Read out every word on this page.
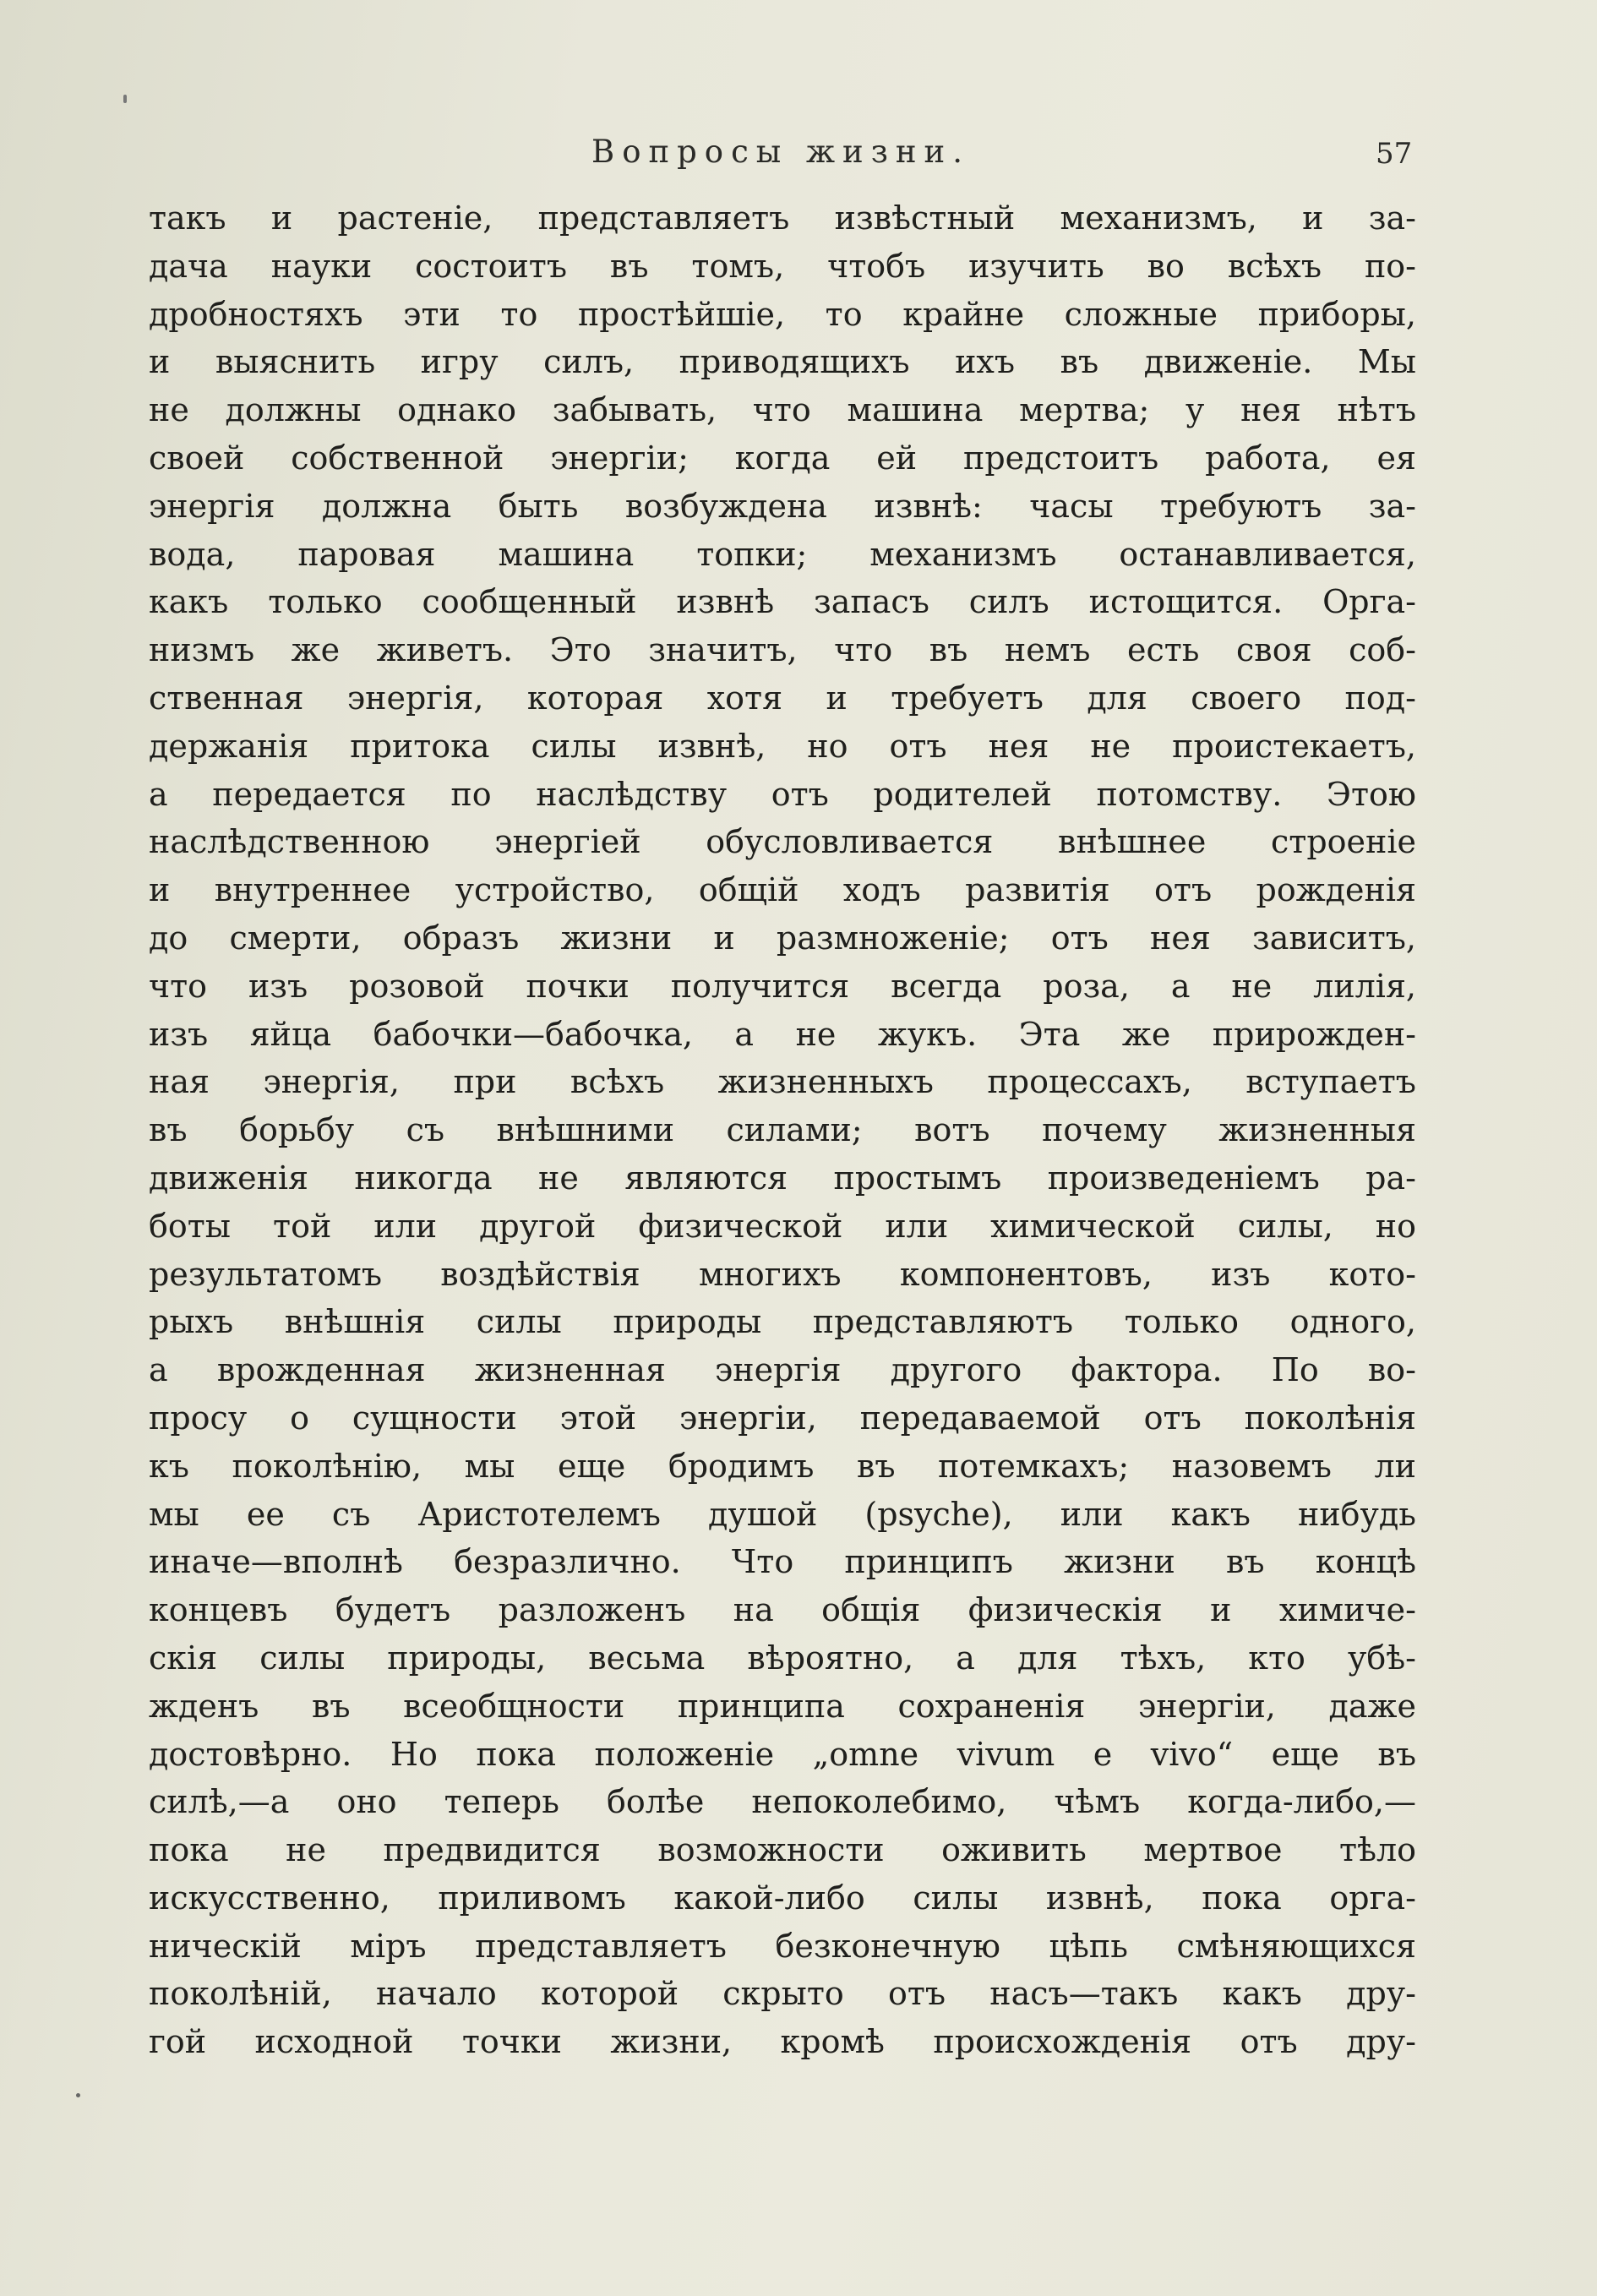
Вопросы жизни.	57
такъ и растеніе, представляетъ извѣстный механизмъ, и за-
дача науки состоитъ въ томъ, чтобъ изучить во всѣхъ по-
дробностяхъ эти то простѣйшіе, то крайне сложные приборы,
и выяснить игру силъ, приводящихъ ихъ въ движеніе. Мы
не должны однако забывать, что машина мертва; у нея нѣтъ
своей собственной энергіи; когда ей предстоитъ работа, ея
энергія должна быть возбуждена извнѣ: часы требуютъ за-
вода, паровая машина топки; механизмъ останавливается,
какъ только сообщенный извнѣ запасъ силъ истощится. Орга-
низмъ же живетъ. Это значитъ, что въ немъ есть своя соб-
ственная энергія, которая хотя и требуетъ для своего под-
держанія притока силы извнѣ, но отъ нея не проистекаетъ,
а передается по наслѣдству отъ родителей потомству. Этою
наслѣдственною энергіей обусловливается внѣшнее строеніе
и внутреннее устройство, общій ходъ развитія отъ рожденія
до смерти, образъ жизни и размноженіе; отъ нея зависитъ,
что изъ розовой почки получится всегда роза, а не лилія,
изъ яйца бабочки—бабочка, а не жукъ. Эта же прирожден-
ная энергія, при всѣхъ жизненныхъ процессахъ, вступаетъ
въ борьбу съ внѣшними силами; вотъ почему жизненныя
движенія никогда не являются простымъ произведеніемъ ра-
боты той или другой физической или химической силы, но
результатомъ воздѣйствія многихъ компонентовъ, изъ кото-
рыхъ внѣшнія силы природы представляютъ только одного,
а врожденная жизненная энергія другого фактора. По во-
просу о сущности этой энергіи, передаваемой отъ поколѣнія
къ поколѣнію, мы еще бродимъ въ потемкахъ; назовемъ ли
мы ее съ Аристотелемъ душой (psyche), или какъ нибудь
иначе—вполнѣ безразлично. Что принципъ жизни въ концѣ
концевъ будетъ разложенъ на общія физическія и химиче-
скія силы природы, весьма вѣроятно, а для тѣхъ, кто убѣ-
жденъ въ всеобщности принципа сохраненія энергіи, даже
достовѣрно. Но пока положеніе „omne vivum e vivo“ еще въ
силѣ,—а оно теперь болѣе непоколебимо, чѣмъ когда-либо,—
пока не предвидится возможности оживить мертвое тѣло
искусственно, приливомъ какой-либо силы извнѣ, пока орга-
ническій міръ представляетъ безконечную цѣпь смѣняющихся
поколѣній, начало которой скрыто отъ насъ—такъ какъ дру-
гой исходной точки жизни, кромѣ происхожденія отъ дру-
